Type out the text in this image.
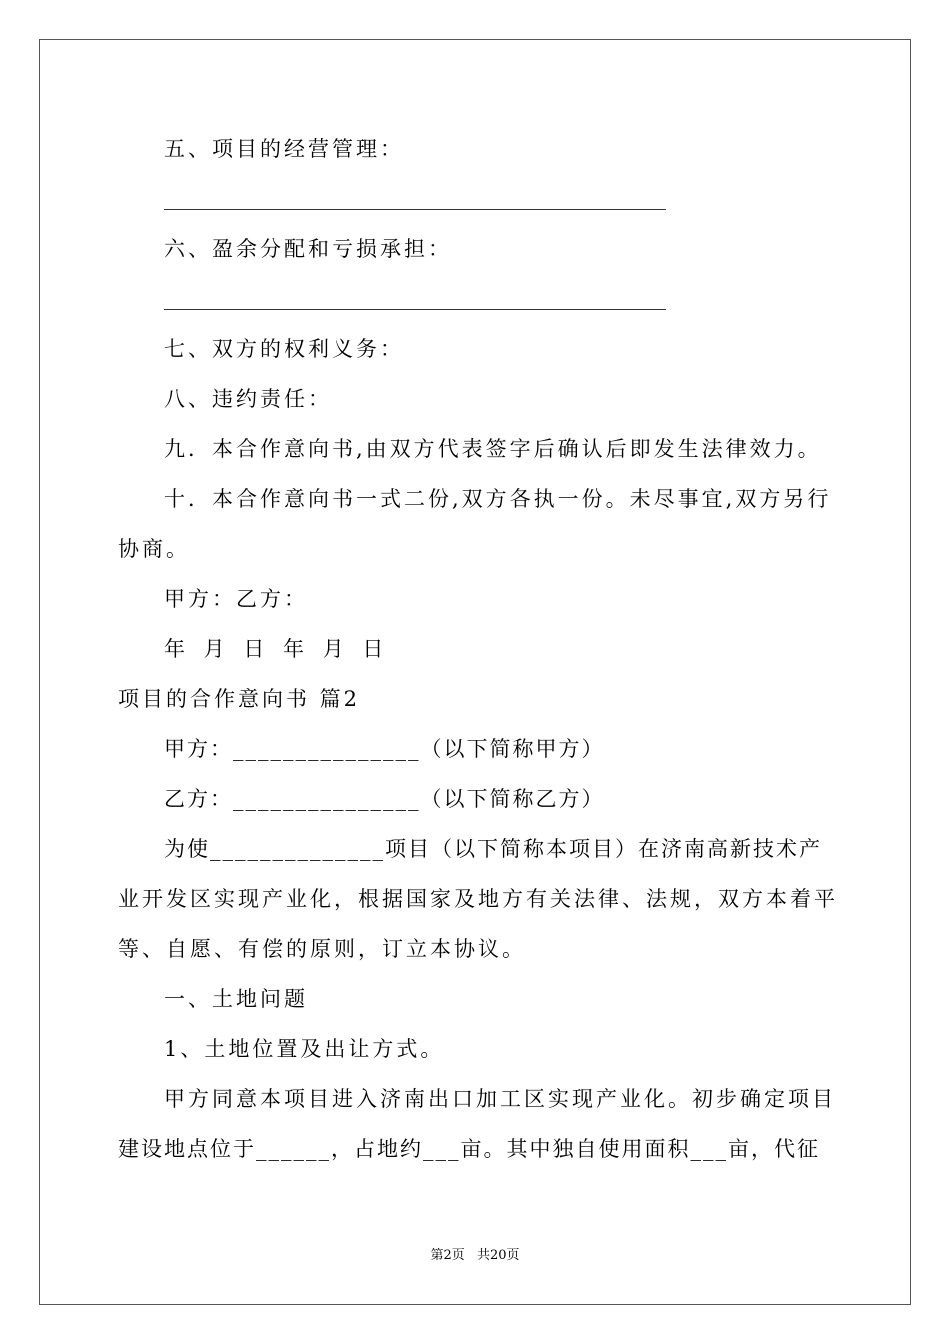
五、项目的经营管理：
六、盈余分配和亏损承担：
七、双方的权利义务：
八、违约责任：
九．本合作意向书,由双方代表签字后确认后即发生法律效力。
十．本合作意向书一式二份,双方各执一份。未尽事宜,双方另行
协商。
甲方：乙方：
年 月 日 年 月 日
项目的合作意向书 篇2
甲方：_______________（以下简称甲方）
乙方：_______________（以下简称乙方）
为使______________项目（以下简称本项目）在济南高新技术产
业开发区实现产业化，根据国家及地方有关法律、法规，双方本着平
等、自愿、有偿的原则，订立本协议。
一、土地问题
1、土地位置及出让方式。
甲方同意本项目进入济南出口加工区实现产业化。初步确定项目
建设地点位于______，占地约___亩。其中独自使用面积___亩，代征
第2页 共20页
